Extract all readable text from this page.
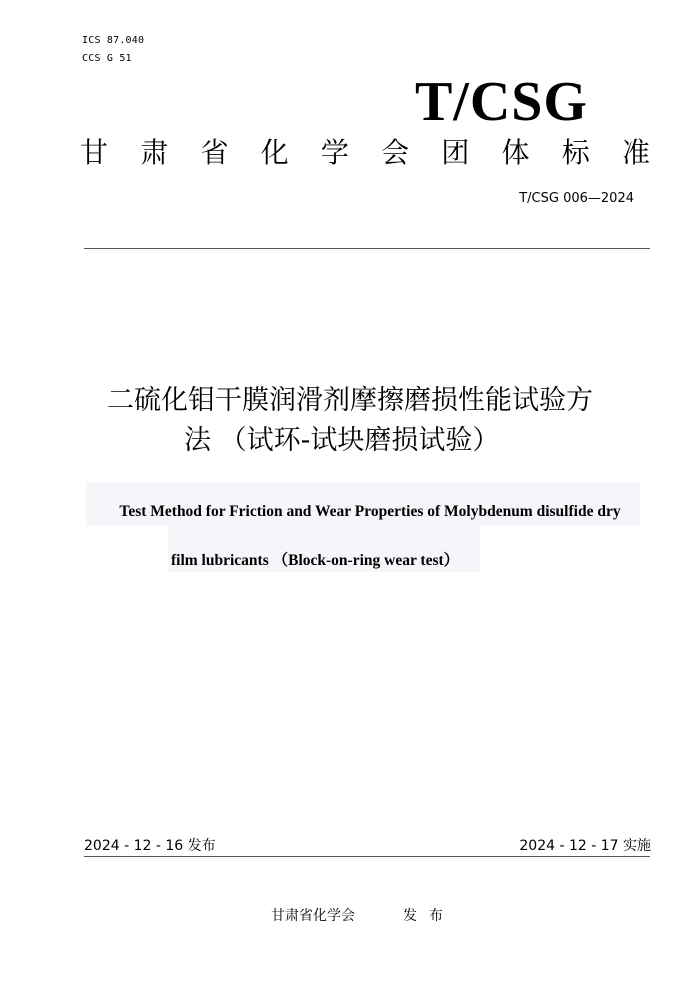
ICS 87.040
CCS G 51
T/CSG
甘 肃 省 化 学 会 团 体 标 准
T/CSG 006—2024
二硫化钼干膜润滑剂摩擦磨损性能试验方
法 （试环-试块磨损试验）
Test Method for Friction and Wear Properties of Molybdenum disulfide dry
film lubricants （Block-on-ring wear test）
2024 - 12 - 16 发布	2024 - 12 - 17 实施
甘肃省化学会	发布
